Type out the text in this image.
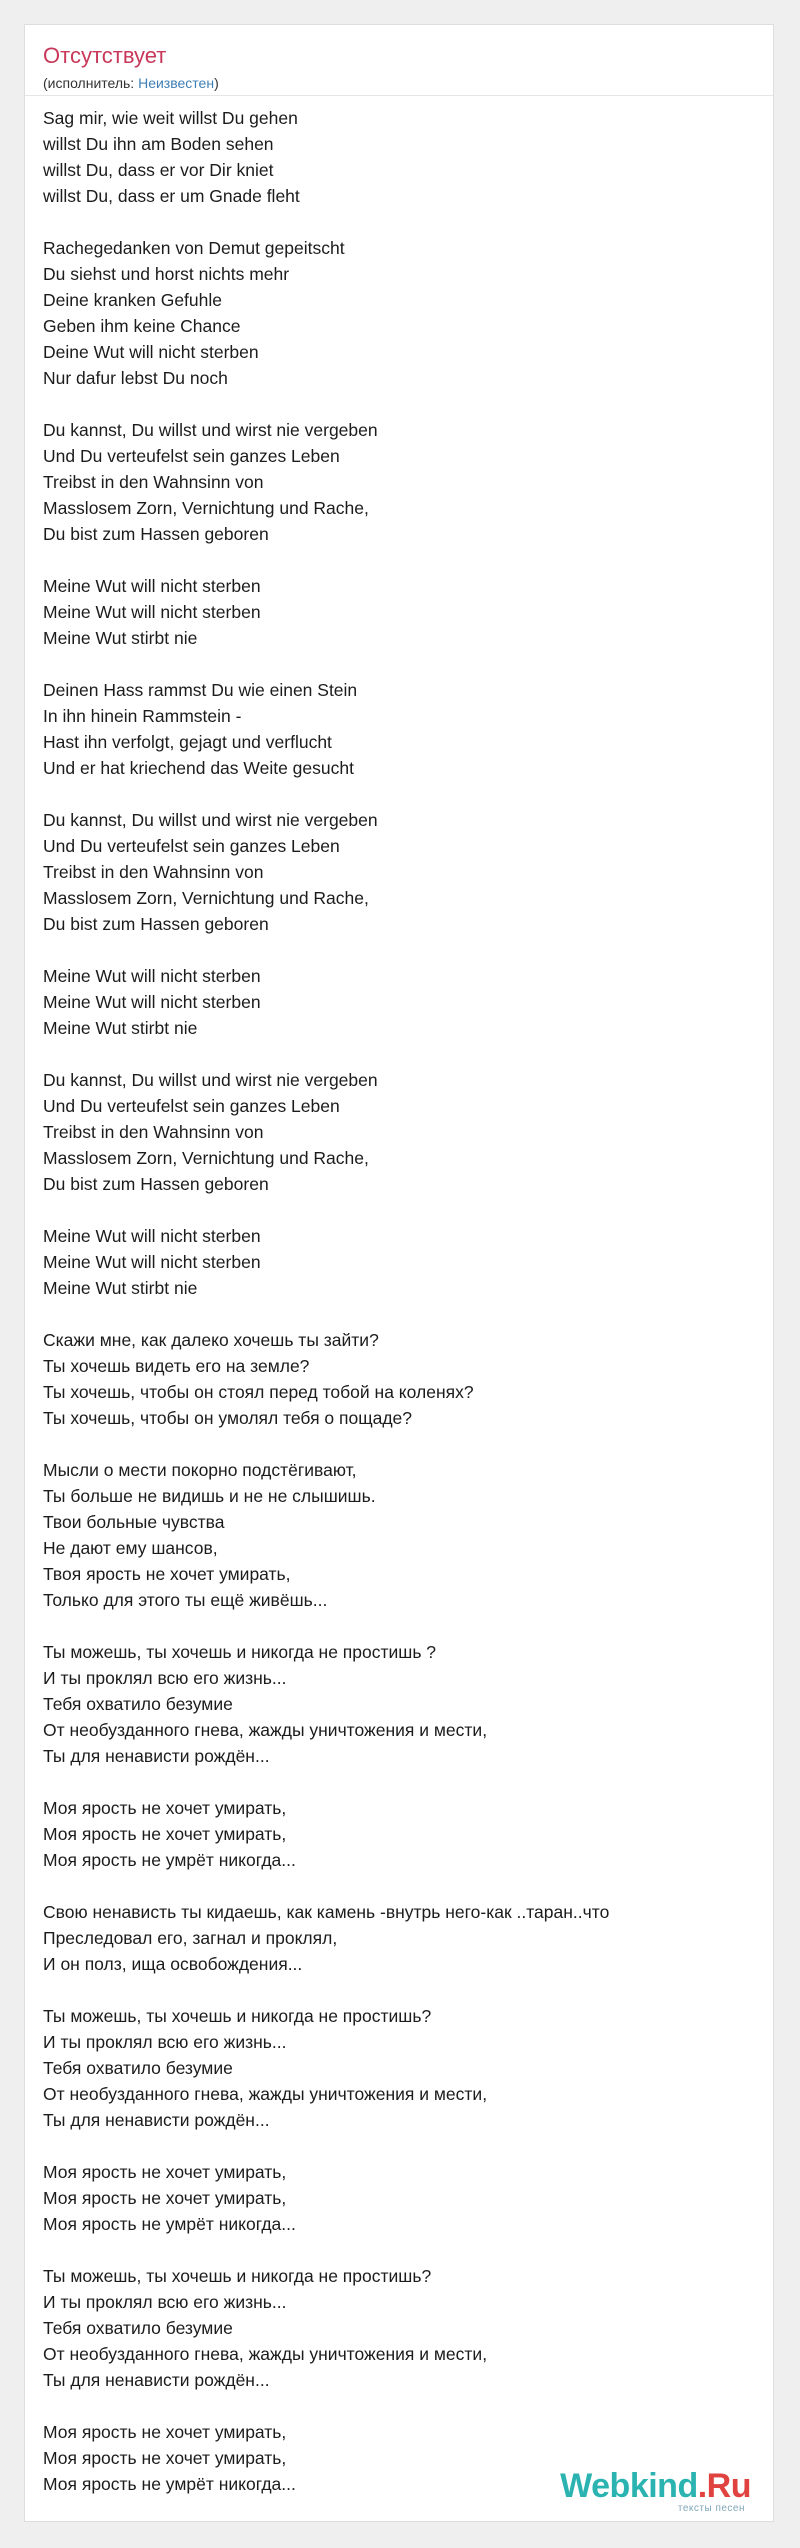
Отсутствует
(исполнитель: Неизвестен)
Sag mir, wie weit willst Du gehen
willst Du ihn am Boden sehen
willst Du, dass er vor Dir kniet
willst Du, dass er um Gnade fleht
Rachegedanken von Demut gepeitscht
Du siehst und horst nichts mehr
Deine kranken Gefuhle
Geben ihm keine Chance
Deine Wut will nicht sterben
Nur dafur lebst Du noch
Du kannst, Du willst und wirst nie vergeben
Und Du verteufelst sein ganzes Leben
Treibst in den Wahnsinn von
Masslosem Zorn, Vernichtung und Rache,
Du bist zum Hassen geboren
Meine Wut will nicht sterben
Meine Wut will nicht sterben
Meine Wut stirbt nie
Deinen Hass rammst Du wie einen Stein
In ihn hinein Rammstein -
Hast ihn verfolgt, gejagt und verflucht
Und er hat kriechend das Weite gesucht
Du kannst, Du willst und wirst nie vergeben
Und Du verteufelst sein ganzes Leben
Treibst in den Wahnsinn von
Masslosem Zorn, Vernichtung und Rache,
Du bist zum Hassen geboren
Meine Wut will nicht sterben
Meine Wut will nicht sterben
Meine Wut stirbt nie
Du kannst, Du willst und wirst nie vergeben
Und Du verteufelst sein ganzes Leben
Treibst in den Wahnsinn von
Masslosem Zorn, Vernichtung und Rache,
Du bist zum Hassen geboren
Meine Wut will nicht sterben
Meine Wut will nicht sterben
Meine Wut stirbt nie
Скажи мне, как далеко хочешь ты зайти?
Ты хочешь видеть его на земле?
Ты хочешь, чтобы он стоял перед тобой на коленях?
Ты хочешь, чтобы он умолял тебя о пощаде?
Мысли о мести покорно подстёгивают,
Ты больше не видишь и не не слышишь.
Твои больные чувства
Не дают ему шансов,
Твоя ярость не хочет умирать,
Только для этого ты ещё живёшь...
Ты можешь, ты хочешь и никогда не простишь ?
И ты проклял всю его жизнь...
Тебя охватило безумие
От необузданного гнева, жажды уничтожения и мести,
Ты для ненависти рождён...
Моя ярость не хочет умирать,
Моя ярость не хочет умирать,
Моя ярость не умрёт никогда...
Свою ненависть ты кидаешь, как камень -внутрь него-как ..таран..что
Преследовал его, загнал и проклял,
И он полз, ища освобождения...
Ты можешь, ты хочешь и никогда не простишь?
И ты проклял всю его жизнь...
Тебя охватило безумие
От необузданного гнева, жажды уничтожения и мести,
Ты для ненависти рождён...
Моя ярость не хочет умирать,
Моя ярость не хочет умирать,
Моя ярость не умрёт никогда...
Ты можешь, ты хочешь и никогда не простишь?
И ты проклял всю его жизнь...
Тебя охватило безумие
От необузданного гнева, жажды уничтожения и мести,
Ты для ненависти рождён...
Моя ярость не хочет умирать,
Моя ярость не хочет умирать,
Моя ярость не умрёт никогда...	Webkind.Ru
тексты песен
